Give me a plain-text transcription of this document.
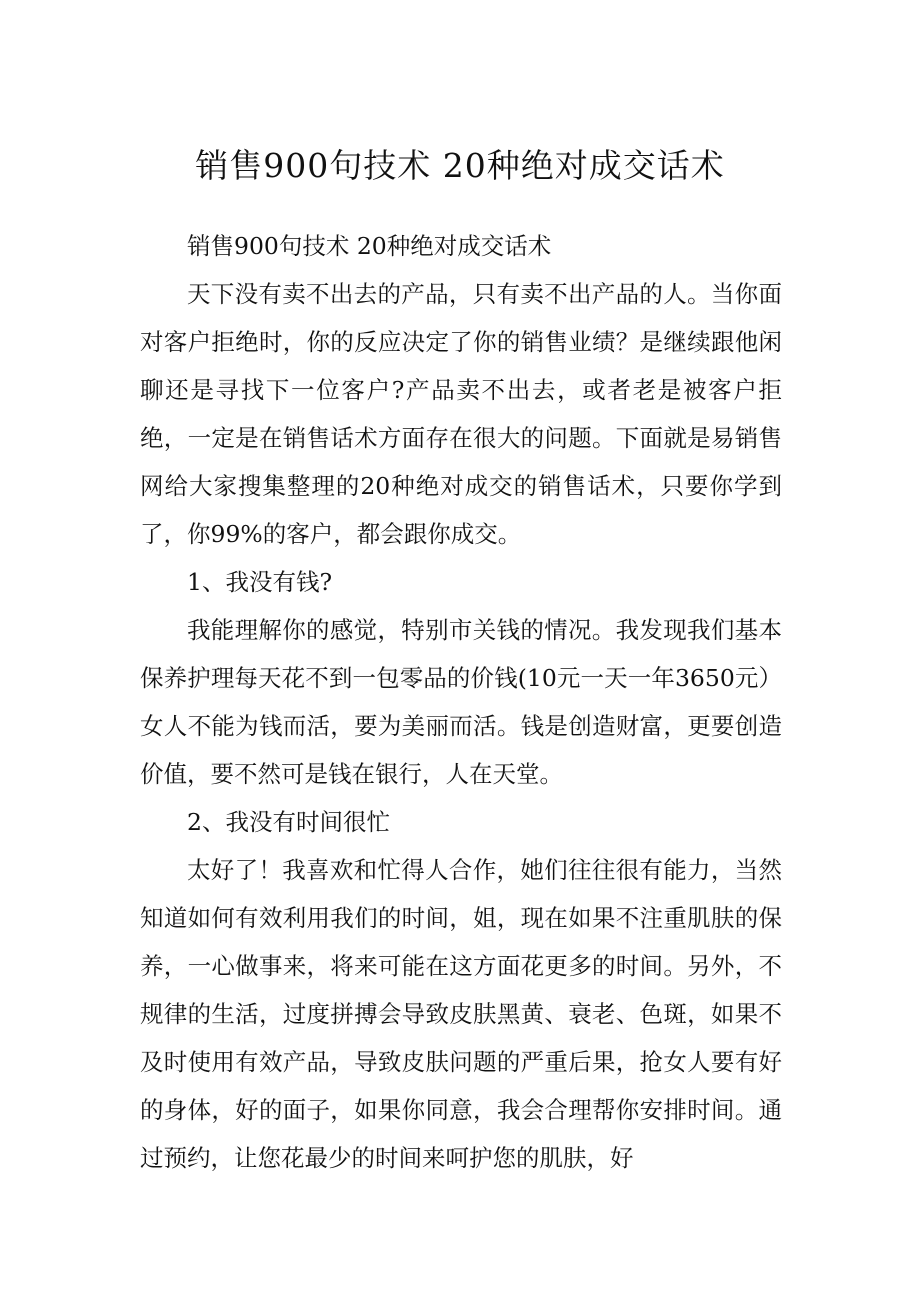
销售900句技术 20种绝对成交话术

销售900句技术 20种绝对成交话术

天下没有卖不出去的产品，只有卖不出产品的人。当你面对客户拒绝时，你的反应决定了你的销售业绩？是继续跟他闲聊还是寻找下一位客户?产品卖不出去，或者老是被客户拒绝，一定是在销售话术方面存在很大的问题。下面就是易销售网给大家搜集整理的20种绝对成交的销售话术，只要你学到了，你99%的客户，都会跟你成交。

1、我没有钱?

我能理解你的感觉，特别市关钱的情况。我发现我们基本保养护理每天花不到一包零品的价钱(10元一天一年3650元）女人不能为钱而活，要为美丽而活。钱是创造财富，更要创造价值，要不然可是钱在银行，人在天堂。

2、我没有时间很忙

太好了！我喜欢和忙得人合作，她们往往很有能力，当然知道如何有效利用我们的时间，姐，现在如果不注重肌肤的保养，一心做事来，将来可能在这方面花更多的时间。另外，不规律的生活，过度拼搏会导致皮肤黑黄、衰老、色斑，如果不及时使用有效产品，导致皮肤问题的严重后果，抢女人要有好的身体，好的面子，如果你同意，我会合理帮你安排时间。通过预约，让您花最少的时间来呵护您的肌肤，好
